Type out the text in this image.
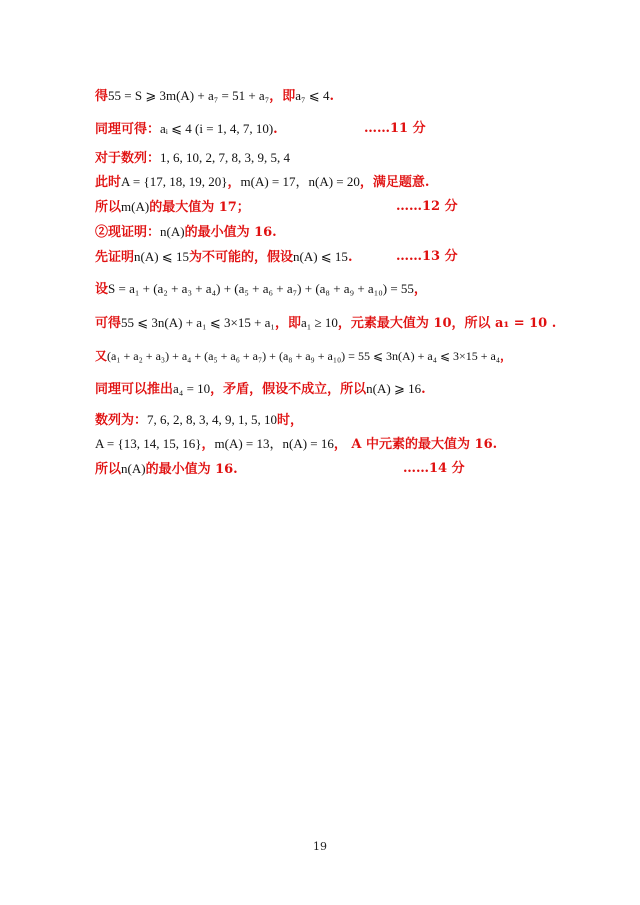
得55 = S ⩾ 3m(A) + a₇ = 51 + a₇，即a₇ ⩽ 4.
同理可得：aᵢ ⩽ 4 (i = 1, 4, 7, 10).	……11 分
对于数列：1, 6, 10, 2, 7, 8, 3, 9, 5, 4
此时A = {17, 18, 19, 20}，m(A) = 17，n(A) = 20，满足题意.
所以m(A)的最大值为 17；	……12 分
②现证明：n(A)的最小值为 16.
先证明n(A) ⩽ 15为不可能的，假设n(A) ⩽ 15.	……13 分
设S = a₁ + (a₂ + a₃ + a₄) + (a₅ + a₆ + a₇) + (a₈ + a₉ + a₁₀) = 55，
可得55 ⩽ 3n(A) + a₁ ⩽ 3×15 + a₁，即a₁ ≥ 10，元素最大值为 10，所以 a₁ = 10 .
又(a₁ + a₂ + a₃) + a₄ + (a₅ + a₆ + a₇) + (a₈ + a₉ + a₁₀) = 55 ⩽ 3n(A) + a₄ ⩽ 3×15 + a₄，
同理可以推出a₄ = 10，矛盾，假设不成立，所以n(A) ⩾ 16.
数列为：7, 6, 2, 8, 3, 4, 9, 1, 5, 10时，
A = {13, 14, 15, 16}，m(A) = 13，n(A) = 16， A 中元素的最大值为 16.
所以n(A)的最小值为 16.	……14 分
19
